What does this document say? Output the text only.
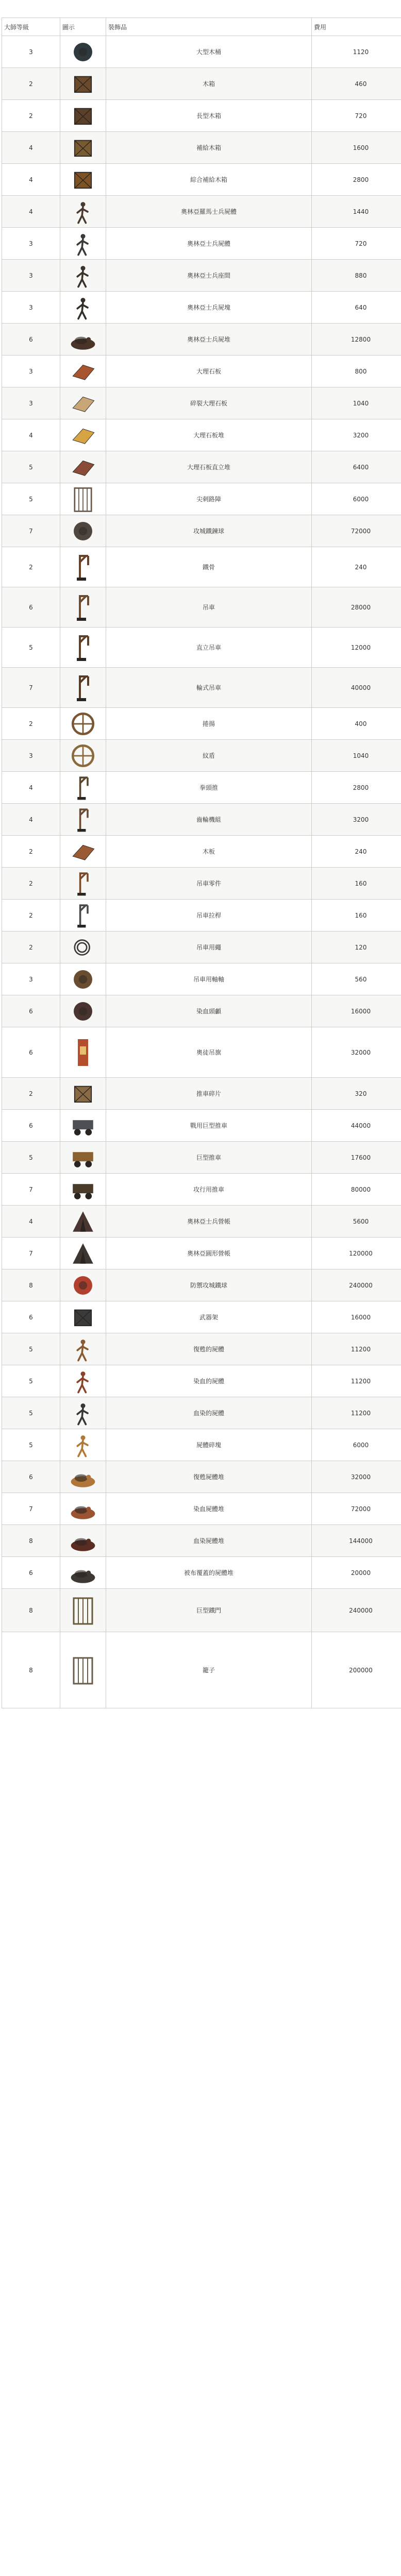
大師等級	圖示	裝飾品	費用
3		大型木桶	1120
2		木箱	460
2		長型木箱	720
4		補給木箱	1600
4		綜合補給木箱	2800
4		奧林亞羅馬士兵屍體	1440
3		奧林亞士兵屍體	720
3		奧林亞士兵座間	880
3		奧林亞士兵屍塊	640
6		奧林亞士兵屍堆	12800
3		大理石板	800
3		碎裂大理石板	1040
4		大理石板堆	3200
5		大理石板直立堆	6400
5		尖刺路障	6000
7		攻城鐵鍊球	72000
2		鐵骨	240
6		吊車	28000
5		直立吊車	12000
7		輪式吊車	40000
2		捲揚	400
3		紋盾	1040
4		拳頭推	2800
4		齒輪機組	3200
2		木板	240
2		吊車零件	160
2		吊車拉桿	160
2		吊車用繩	120
3		吊車用軸軸	560
6		染血頭顱	16000
6		奧徒吊旗	32000
2		推車碎片	320
6		戰用巨型推車	44000
5		巨型推車	17600
7		攻行用推車	80000
4		奧林亞士兵營帳	5600
7		奧林亞圓形營帳	120000
8		防禦攻城鐵球	240000
6		武器架	16000
5		復甦的屍體	11200
5		染血的屍體	11200
5		血染的屍體	11200
5		屍體碎塊	6000
6		復甦屍體堆	32000
7		染血屍體堆	72000
8		血染屍體堆	144000
6		被布覆蓋的屍體堆	20000
8		巨型鐵門	240000
8		籠子	200000
